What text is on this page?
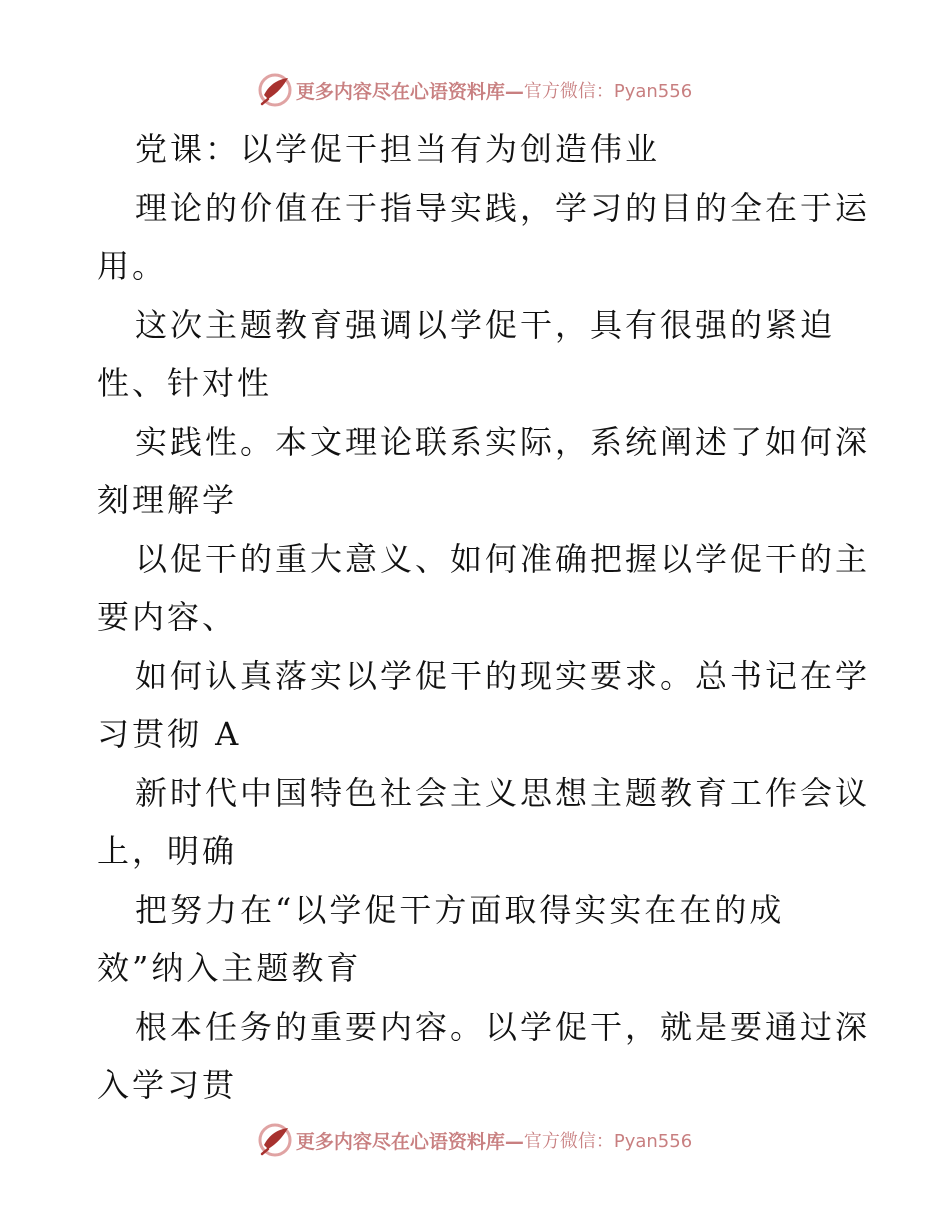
更多内容尽在心语资料库— 官方微信：Pyan556
党课：以学促干担当有为创造伟业
理论的价值在于指导实践，学习的目的全在于运
用。
这次主题教育强调以学促干，具有很强的紧迫
性、针对性
实践性。本文理论联系实际，系统阐述了如何深
刻理解学
以促干的重大意义、如何准确把握以学促干的主
要内容、
如何认真落实以学促干的现实要求。总书记在学
习贯彻 A
新时代中国特色社会主义思想主题教育工作会议
上，明确
把努力在“以学促干方面取得实实在在的成
效”纳入主题教育
根本任务的重要内容。以学促干，就是要通过深
入学习贯
更多内容尽在心语资料库— 官方微信：Pyan556
